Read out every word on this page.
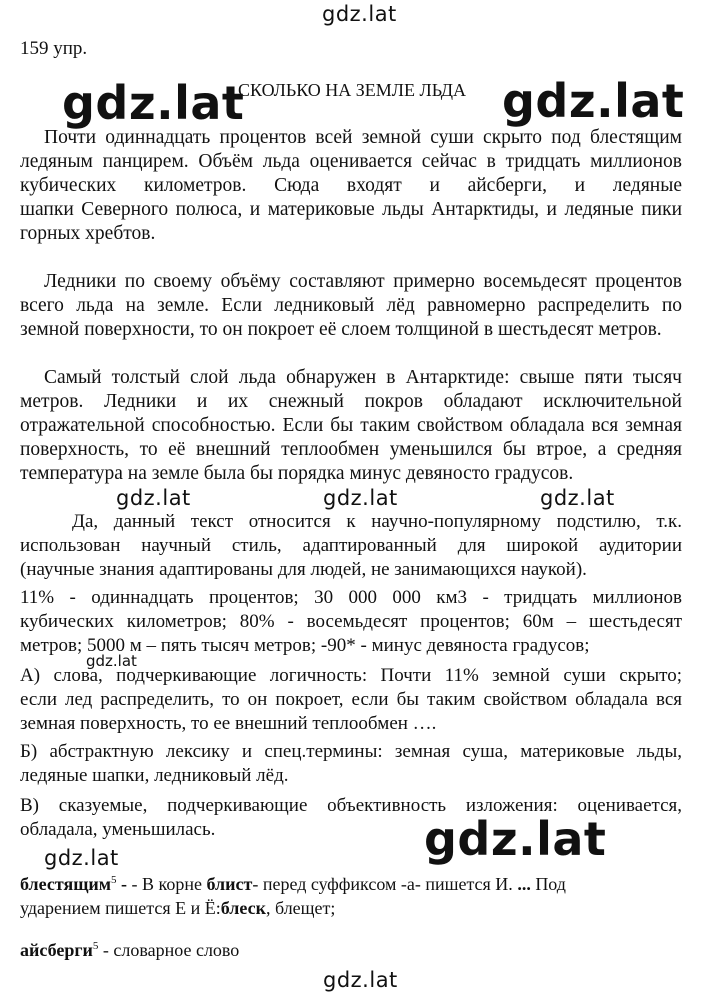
gdz.lat
gdz.lat	gdz.lat
gdz.lat	gdz.lat	gdz.lat
gdz.lat
gdz.lat
gdz.lat
gdz.lat
159 упр.
СКОЛЬКО НА ЗЕМЛЕ ЛЬДА
Почти одиннадцать процентов всей земной суши скрыто под блестящим
ледяным панцирем. Объём льда оценивается сейчас в тридцать миллионов
кубических километров. Сюда входят и айсберги, и ледяные
шапки Северного полюса, и материковые льды Антарктиды, и ледяные пики
горных хребтов.
Ледники по своему объёму составляют примерно восемьдесят процентов
всего льда на земле. Если ледниковый лёд равномерно распределить по
земной поверхности, то он покроет её слоем толщиной в шестьдесят метров.
Самый толстый слой льда обнаружен в Антарктиде: свыше пяти тысяч
метров. Ледники и их снежный покров обладают исключительной
отражательной способностью. Если бы таким свойством обладала вся земная
поверхность, то её внешний теплообмен уменьшился бы втрое, а средняя
температура на земле была бы порядка минус девяносто градусов.
Да, данный текст относится к научно-популярному подстилю, т.к.
использован научный стиль, адаптированный для широкой аудитории
(научные знания адаптированы для людей, не занимающихся наукой).
11% - одиннадцать процентов; 30 000 000 км3 - тридцать миллионов
кубических километров; 80% - восемьдесят процентов; 60м – шестьдесят
метров; 5000 м – пять тысяч метров; -90* - минус девяноста градусов;
А) слова, подчеркивающие логичность: Почти 11% земной суши скрыто;
если лед распределить, то он покроет, если бы таким свойством обладала вся
земная поверхность, то ее внешний теплообмен ….
Б) абстрактную лексику и спец.термины: земная суша, материковые льды,
ледяные шапки, ледниковый лёд.
В) сказуемые, подчеркивающие объективность изложения: оценивается,
обладала, уменьшилась.
блестящим$^5$ - - В корне блист- перед суффиксом -а- пишется И. ... Под
ударением пишется Е и Ё:блеск, блещет;
айсберги$^5$ - словарное слово
